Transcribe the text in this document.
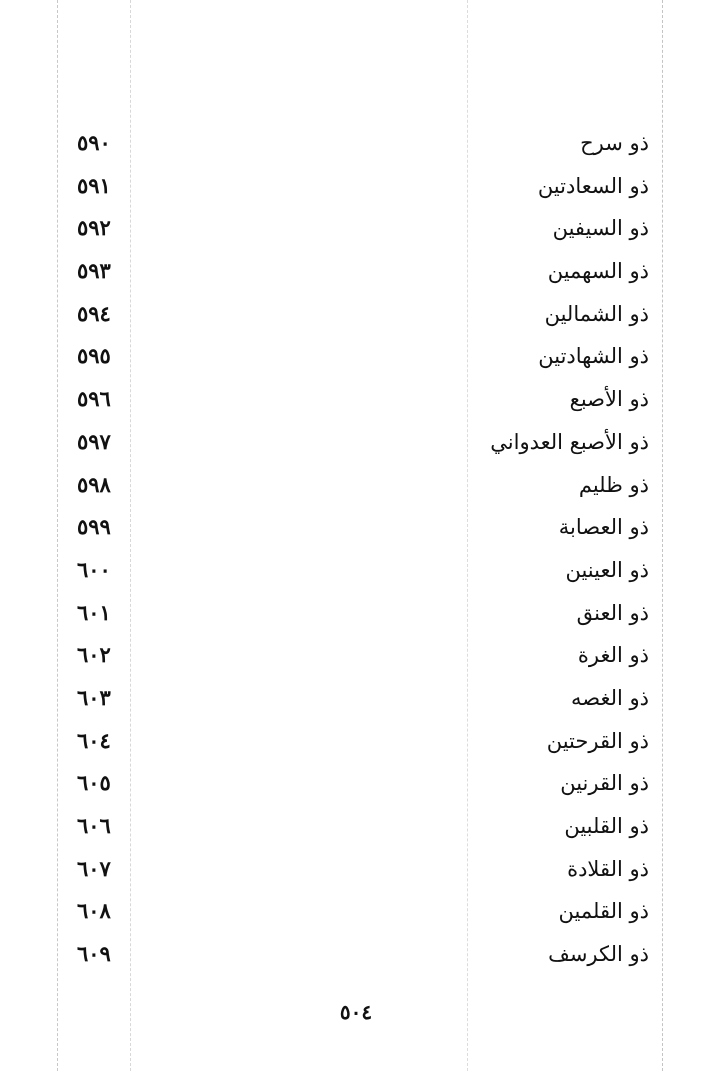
ذو سرح
٥٩٠
ذو السعادتين
٥٩١
ذو السيفين
٥٩٢
ذو السهمين
٥٩٣
ذو الشمالين
٥٩٤
ذو الشهادتين
٥٩٥
ذو الأصبع
٥٩٦
ذو الأصبع العدواني
٥٩٧
ذو ظليم
٥٩٨
ذو العصابة
٥٩٩
ذو العينين
٦٠٠
ذو العنق
٦٠١
ذو الغرة
٦٠٢
ذو الغصه
٦٠٣
ذو القرحتين
٦٠٤
ذو القرنين
٦٠٥
ذو القلبين
٦٠٦
ذو القلادة
٦٠٧
ذو القلمين
٦٠٨
ذو الكرسف
٦٠٩
٥٠٤
